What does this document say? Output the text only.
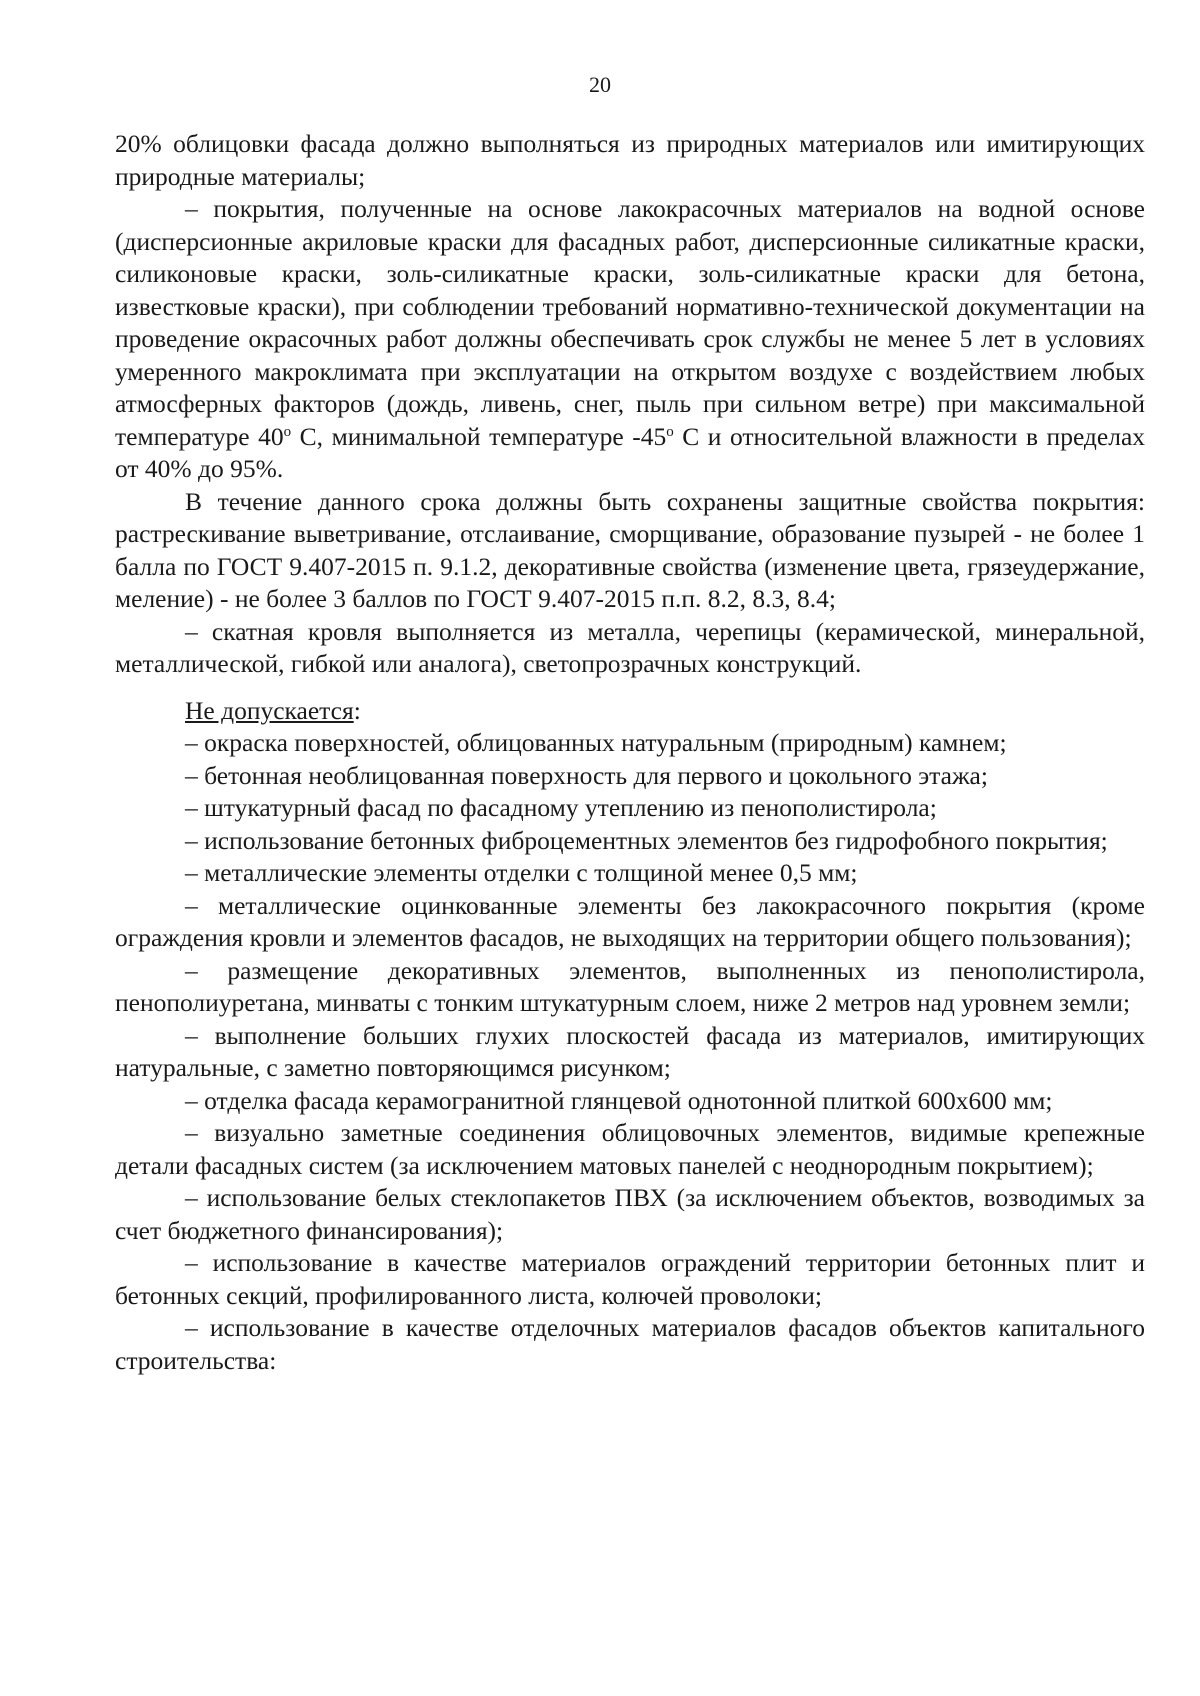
20

20% облицовки фасада должно выполняться из природных материалов или имитирующих природные материалы;

– покрытия, полученные на основе лакокрасочных материалов на водной основе (дисперсионные акриловые краски для фасадных работ, дисперсионные силикатные краски, силиконовые краски, золь-силикатные краски, золь-силикатные краски для бетона, известковые краски), при соблюдении требований нормативно-технической документации на проведение окрасочных работ должны обеспечивать срок службы не менее 5 лет в условиях умеренного макроклимата при эксплуатации на открытом воздухе с воздействием любых атмосферных факторов (дождь, ливень, снег, пыль при сильном ветре) при максимальной температуре 40$^o$ С, минимальной температуре -45$^o$ С и относительной влажности в пределах от 40% до 95%.

В течение данного срока должны быть сохранены защитные свойства покрытия: растрескивание выветривание, отслаивание, сморщивание, образование пузырей - не более 1 балла по ГОСТ 9.407-2015 п. 9.1.2, декоративные свойства (изменение цвета, грязеудержание, меление) - не более 3 баллов по ГОСТ 9.407-2015 п.п. 8.2, 8.3, 8.4;

– скатная кровля выполняется из металла, черепицы (керамической, минеральной, металлической, гибкой или аналога), светопрозрачных конструкций.

Не допускается:

– окраска поверхностей, облицованных натуральным (природным) камнем;

– бетонная необлицованная поверхность для первого и цокольного этажа;

– штукатурный фасад по фасадному утеплению из пенополистирола;

– использование бетонных фиброцементных элементов без гидрофобного покрытия;

– металлические элементы отделки с толщиной менее 0,5 мм;

– металлические оцинкованные элементы без лакокрасочного покрытия (кроме ограждения кровли и элементов фасадов, не выходящих на территории общего пользования);

– размещение декоративных элементов, выполненных из пенополистирола, пенополиуретана, минваты с тонким штукатурным слоем, ниже 2 метров над уровнем земли;

– выполнение больших глухих плоскостей фасада из материалов, имитирующих натуральные, с заметно повторяющимся рисунком;

– отделка фасада керамогранитной глянцевой однотонной плиткой 600х600 мм;

– визуально заметные соединения облицовочных элементов, видимые крепежные детали фасадных систем (за исключением матовых панелей с неоднородным покрытием);

– использование белых стеклопакетов ПВХ (за исключением объектов, возводимых за счет бюджетного финансирования);

– использование в качестве материалов ограждений территории бетонных плит и бетонных секций, профилированного листа, колючей проволоки;

– использование в качестве отделочных материалов фасадов объектов капитального строительства:
